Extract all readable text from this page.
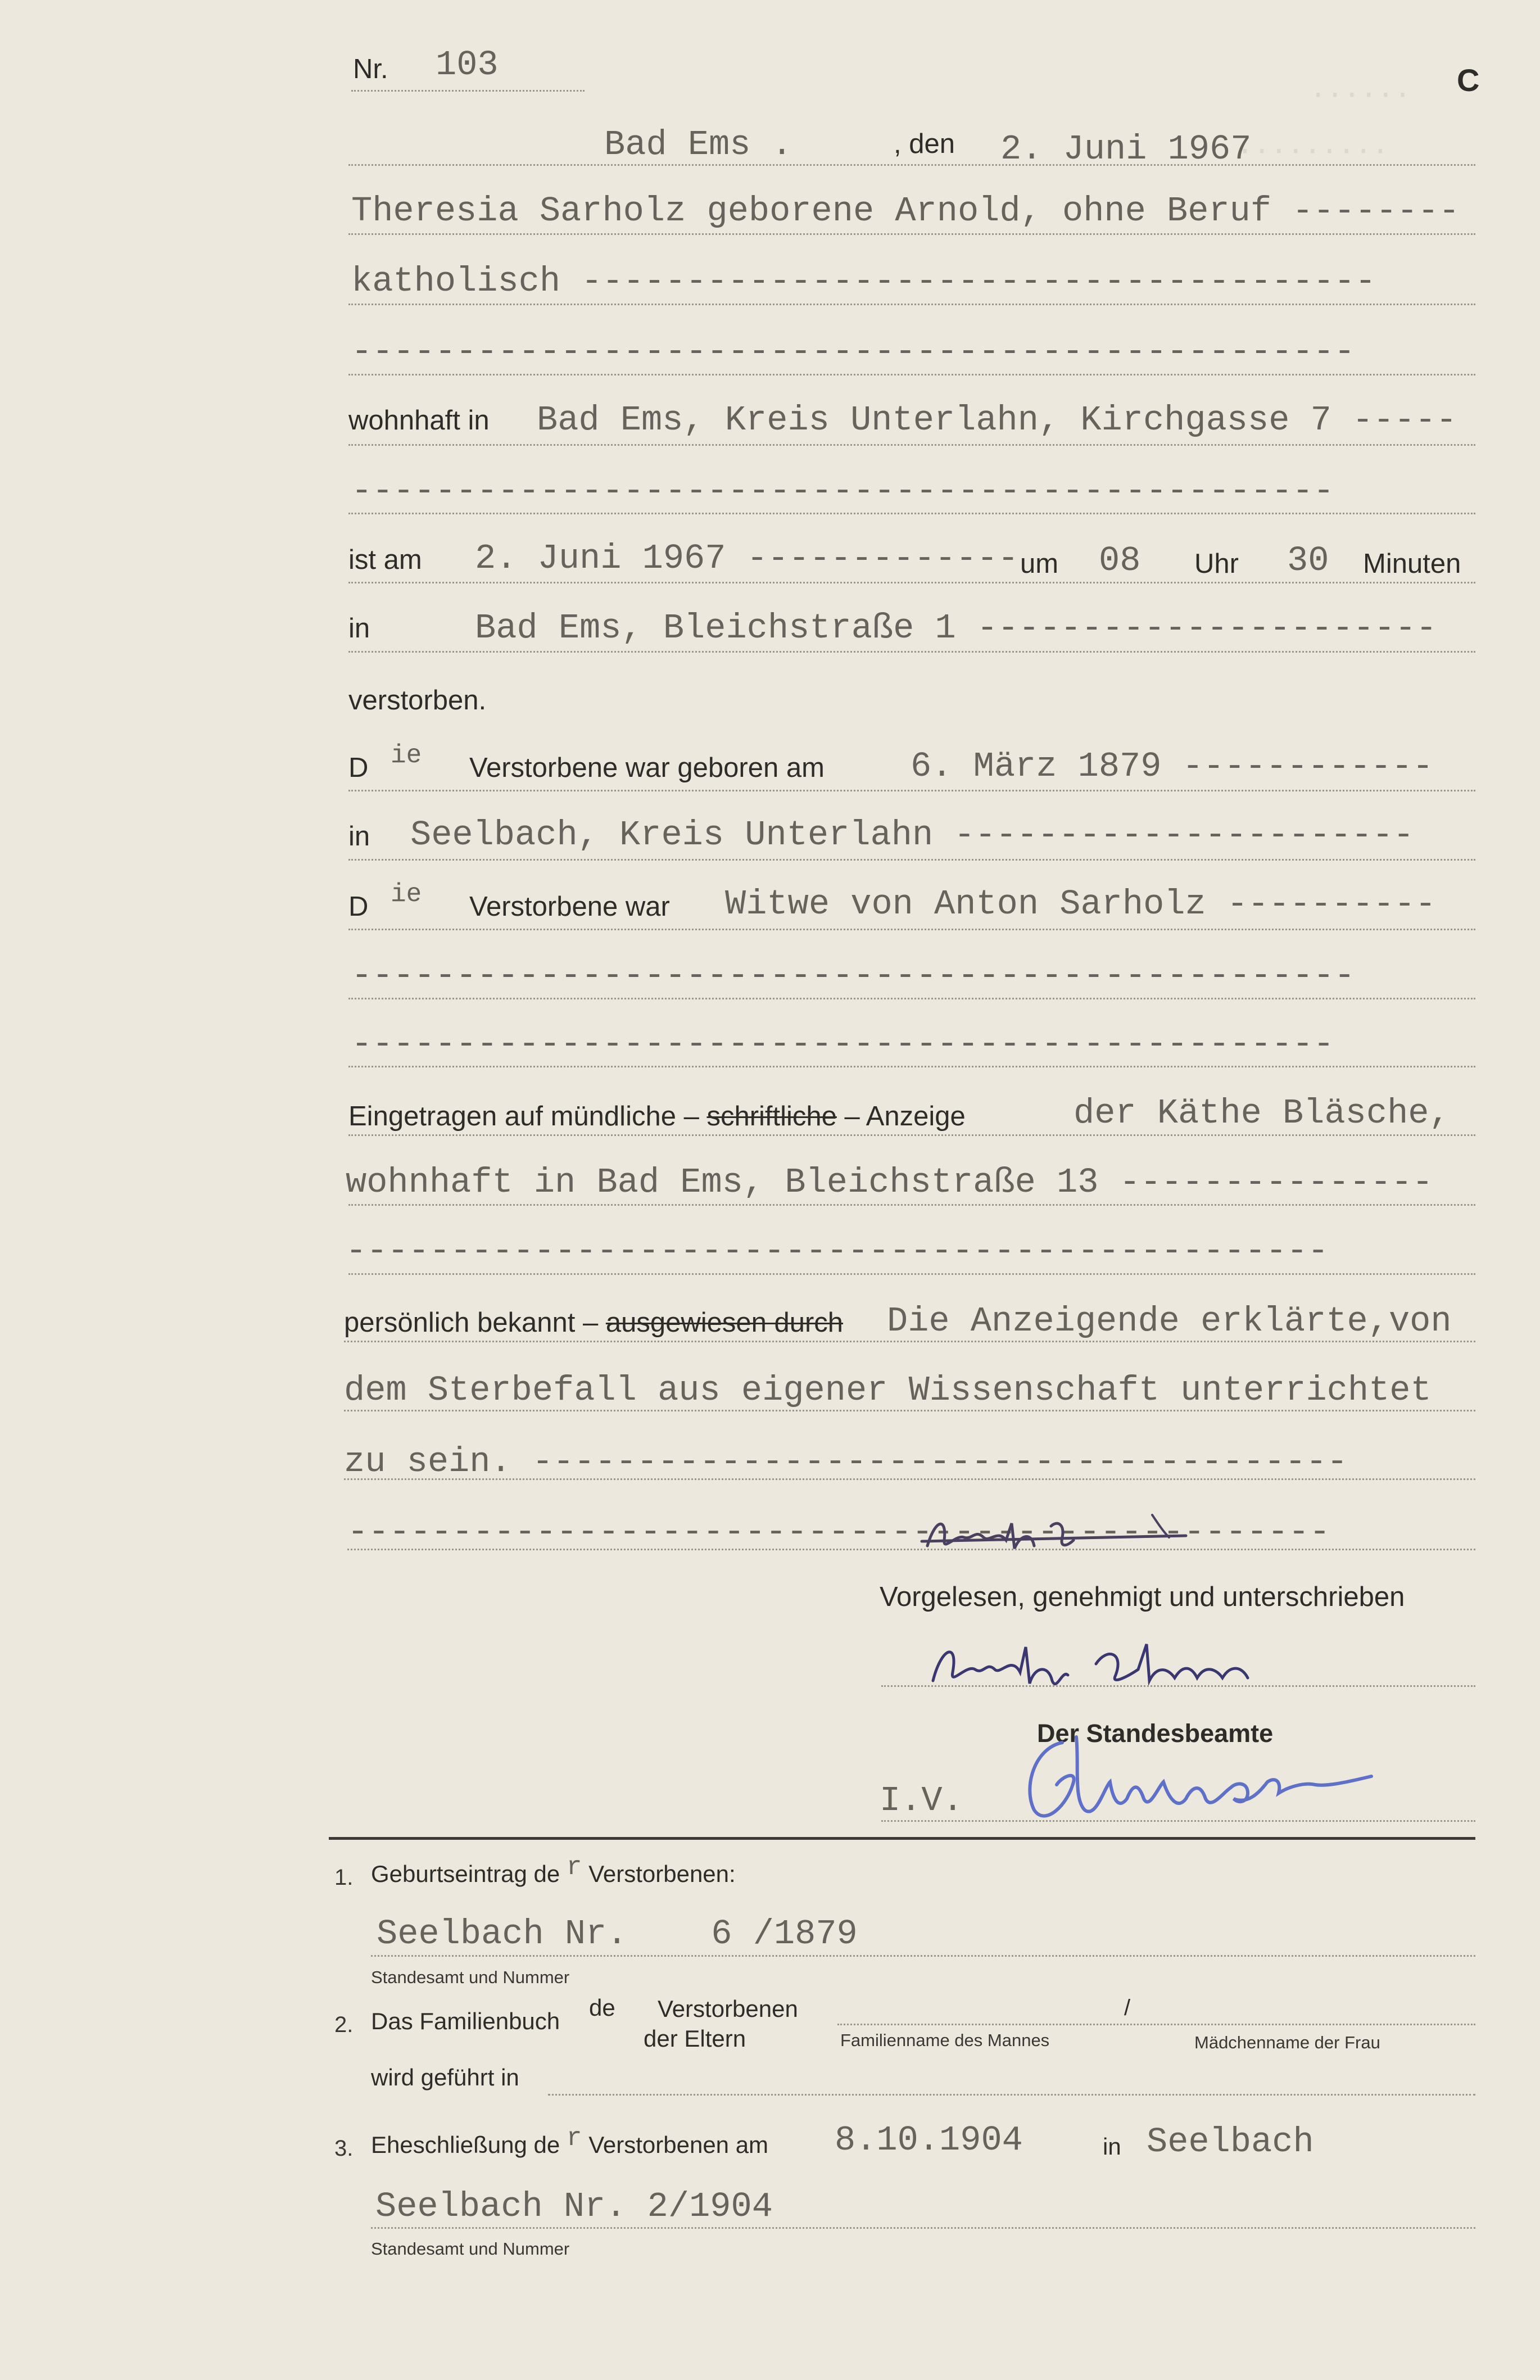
······
·········
Nr. 103	C
Bad Ems .	, den 2. Juni 1967
Theresia Sarholz geborene Arnold, ohne Beruf --------
katholisch --------------------------------------
------------------------------------------------
wohnhaft in Bad Ems, Kreis Unterlahn, Kirchgasse 7 -----
-----------------------------------------------
ist am 2. Juni 1967 ------------- um 08 Uhr 30 Minuten
in	Bad Ems, Bleichstraße 1 ----------------------
verstorben.
D ie Verstorbene war geboren am 6. März 1879 ------------
in Seelbach, Kreis Unterlahn ----------------------
D ie Verstorbene war Witwe von Anton Sarholz ----------
------------------------------------------------
-----------------------------------------------
Eingetragen auf mündliche – schriftliche – Anzeige	der Käthe Bläsche,
wohnhaft in Bad Ems, Bleichstraße 13 ---------------
-----------------------------------------------
persönlich bekannt – ausgewiesen durch Die Anzeigende erklärte,von
dem Sterbefall aus eigener Wissenschaft unterrichtet
zu sein. ---------------------------------------
-----------------------------------------------
Vorgelesen, genehmigt und unterschrieben
Der Standesbeamte
I.V.
1. Geburtseintrag de r Verstorbenen:
Seelbach Nr.    6 /1879
Standesamt und Nummer
2. Das Familienbuch
de Verstorbenen
der Eltern
/
Familienname des Mannes	Mädchenname der Frau
wird geführt in
3. Eheschließung de r Verstorbenen am 8.10.1904	in Seelbach
Seelbach Nr. 2/1904
Standesamt und Nummer
